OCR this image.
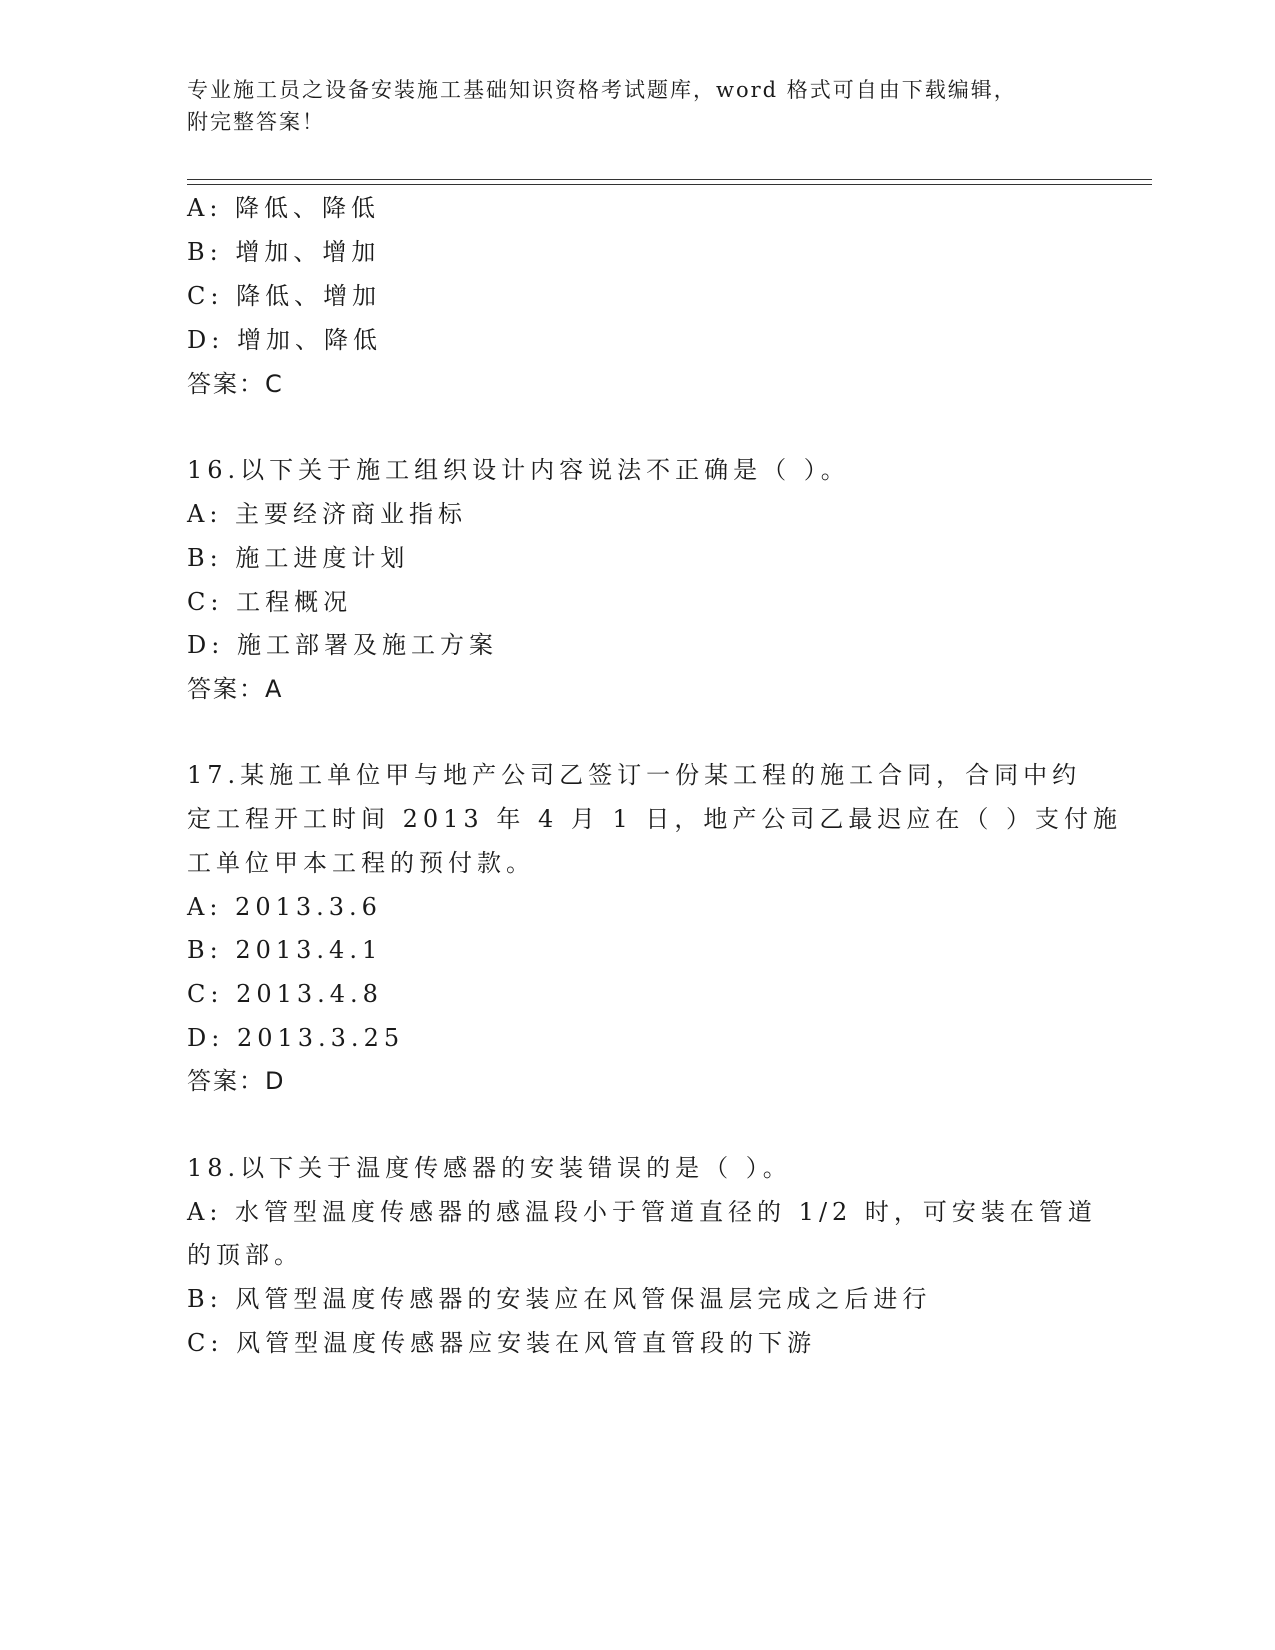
专业施工员之设备安装施工基础知识资格考试题库，word 格式可自由下载编辑，
附完整答案！
A: 降低、降低
B: 增加、增加
C: 降低、增加
D: 增加、降低
答案：C
16.以下关于施工组织设计内容说法不正确是（ ）。
A: 主要经济商业指标
B: 施工进度计划
C: 工程概况
D: 施工部署及施工方案
答案：A
17.某施工单位甲与地产公司乙签订一份某工程的施工合同，合同中约
定工程开工时间 2013 年 4 月 1 日，地产公司乙最迟应在（ ）支付施
工单位甲本工程的预付款。
A: 2013.3.6
B: 2013.4.1
C: 2013.4.8
D: 2013.3.25
答案：D
18.以下关于温度传感器的安装错误的是（ ）。
A: 水管型温度传感器的感温段小于管道直径的 1/2 时，可安装在管道
的顶部。
B: 风管型温度传感器的安装应在风管保温层完成之后进行
C: 风管型温度传感器应安装在风管直管段的下游
